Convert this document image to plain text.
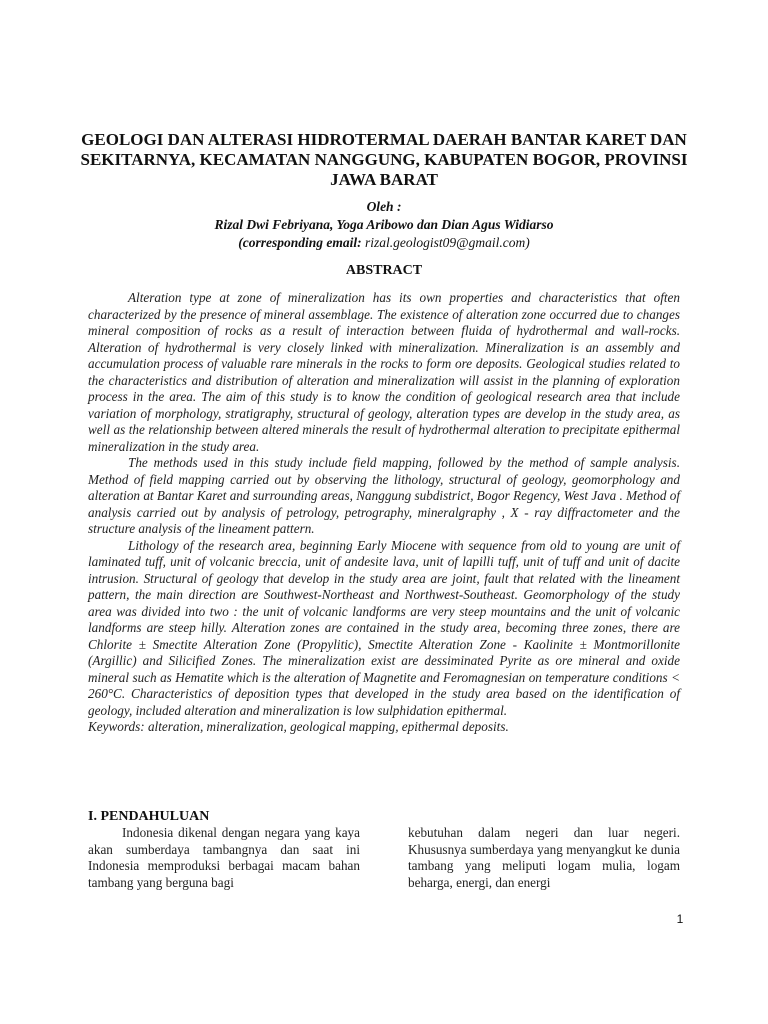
GEOLOGI DAN ALTERASI HIDROTERMAL DAERAH BANTAR KARET DAN SEKITARNYA, KECAMATAN NANGGUNG, KABUPATEN BOGOR, PROVINSI JAWA BARAT
Oleh :
Rizal Dwi Febriyana, Yoga Aribowo dan Dian Agus Widiarso
(corresponding email: rizal.geologist09@gmail.com)
ABSTRACT

Alteration type at zone of mineralization has its own properties and characteristics that often characterized by the presence of mineral assemblage. The existence of alteration zone occurred due to changes mineral composition of rocks as a result of interaction between fluida of hydrothermal and wall-rocks. Alteration of hydrothermal is very closely linked with mineralization. Mineralization is an assembly and accumulation process of valuable rare minerals in the rocks to form ore deposits. Geological studies related to the characteristics and distribution of alteration and mineralization will assist in the planning of exploration process in the area. The aim of this study is to know the condition of geological research area that include variation of morphology, stratigraphy, structural of geology, alteration types are develop in the study area, as well as the relationship between altered minerals the result of hydrothermal alteration to precipitate epithermal mineralization in the study area.

The methods used in this study include field mapping, followed by the method of sample analysis. Method of field mapping carried out by observing the lithology, structural of geology, geomorphology and alteration at Bantar Karet and surrounding areas, Nanggung subdistrict, Bogor Regency, West Java . Method of analysis carried out by analysis of petrology, petrography, mineralgraphy , X - ray diffractometer and the structure analysis of the lineament pattern.

Lithology of the research area, beginning Early Miocene with sequence from old to young are unit of laminated tuff, unit of volcanic breccia, unit of andesite lava, unit of lapilli tuff, unit of tuff and unit of dacite intrusion. Structural of geology that develop in the study area are joint, fault that related with the lineament pattern, the main direction are Southwest-Northeast and Northwest-Southeast. Geomorphology of the study area was divided into two : the unit of volcanic landforms are very steep mountains and the unit of volcanic landforms are steep hilly. Alteration zones are contained in the study area, becoming three zones, there are Chlorite ± Smectite Alteration Zone (Propylitic), Smectite Alteration Zone - Kaolinite ± Montmorillonite (Argillic) and Silicified Zones. The mineralization exist are dessiminated Pyrite as ore mineral and oxide mineral such as Hematite which is the alteration of Magnetite and Feromagnesian on temperature conditions < 260°C. Characteristics of deposition types that developed in the study area based on the identification of geology, included alteration and mineralization is low sulphidation epithermal.

Keywords: alteration, mineralization, geological mapping, epithermal deposits.

I. PENDAHULUAN

Indonesia dikenal dengan negara yang kaya akan sumberdaya tambangnya dan saat ini Indonesia memproduksi berbagai macam bahan tambang yang berguna bagi

kebutuhan dalam negeri dan luar negeri. Khususnya sumberdaya yang menyangkut ke dunia tambang yang meliputi logam mulia, logam beharga, energi, dan energi

1
